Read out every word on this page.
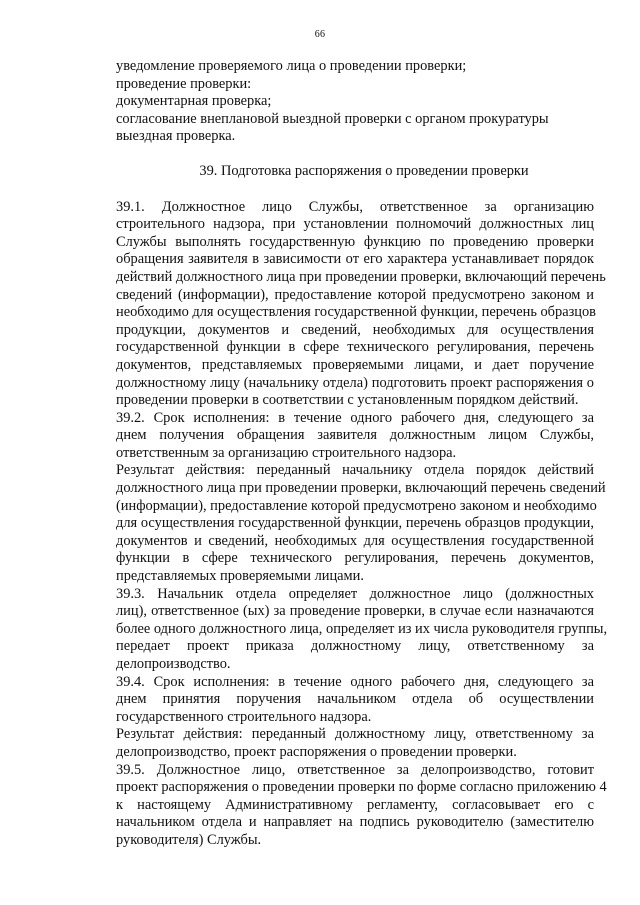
66

уведомление проверяемого лица о проведении проверки;

проведение проверки:

документарная проверка;

согласование внеплановой выездной проверки с органом прокуратуры

выездная проверка.

39. Подготовка распоряжения о проведении проверки

39.1. Должностное лицо Службы, ответственное за организацию
строительного надзора, при установлении полномочий должностных лиц
Службы выполнять государственную функцию по проведению проверки
обращения заявителя в зависимости от его характера устанавливает порядок
действий должностного лица при проведении проверки, включающий перечень
сведений (информации), предоставление которой предусмотрено законом и
необходимо для осуществления государственной функции, перечень образцов
продукции, документов и сведений, необходимых для осуществления
государственной функции в сфере технического регулирования, перечень
документов, представляемых проверяемыми лицами, и дает поручение
должностному лицу (начальнику отдела) подготовить проект распоряжения о
проведении проверки в соответствии с установленным порядком действий.
39.2. Срок исполнения: в течение одного рабочего дня, следующего за
днем получения обращения заявителя должностным лицом Службы,
ответственным за организацию строительного надзора.
Результат действия: переданный начальнику отдела порядок действий
должностного лица при проведении проверки, включающий перечень сведений
(информации), предоставление которой предусмотрено законом и необходимо
для осуществления государственной функции, перечень образцов продукции,
документов и сведений, необходимых для осуществления государственной
функции в сфере технического регулирования, перечень документов,
представляемых проверяемыми лицами.
39.3. Начальник отдела определяет должностное лицо (должностных
лиц), ответственное (ых) за проведение проверки, в случае если назначаются
более одного должностного лица, определяет из их числа руководителя группы,
передает проект приказа должностному лицу, ответственному за
делопроизводство.
39.4. Срок исполнения: в течение одного рабочего дня, следующего за
днем принятия поручения начальником отдела об осуществлении
государственного строительного надзора.
Результат действия: переданный должностному лицу, ответственному за
делопроизводство, проект распоряжения о проведении проверки.
39.5. Должностное лицо, ответственное за делопроизводство, готовит
проект распоряжения о проведении проверки по форме согласно приложению 4
к настоящему Административному регламенту, согласовывает его с
начальником отдела и направляет на подпись руководителю (заместителю
руководителя) Службы.
